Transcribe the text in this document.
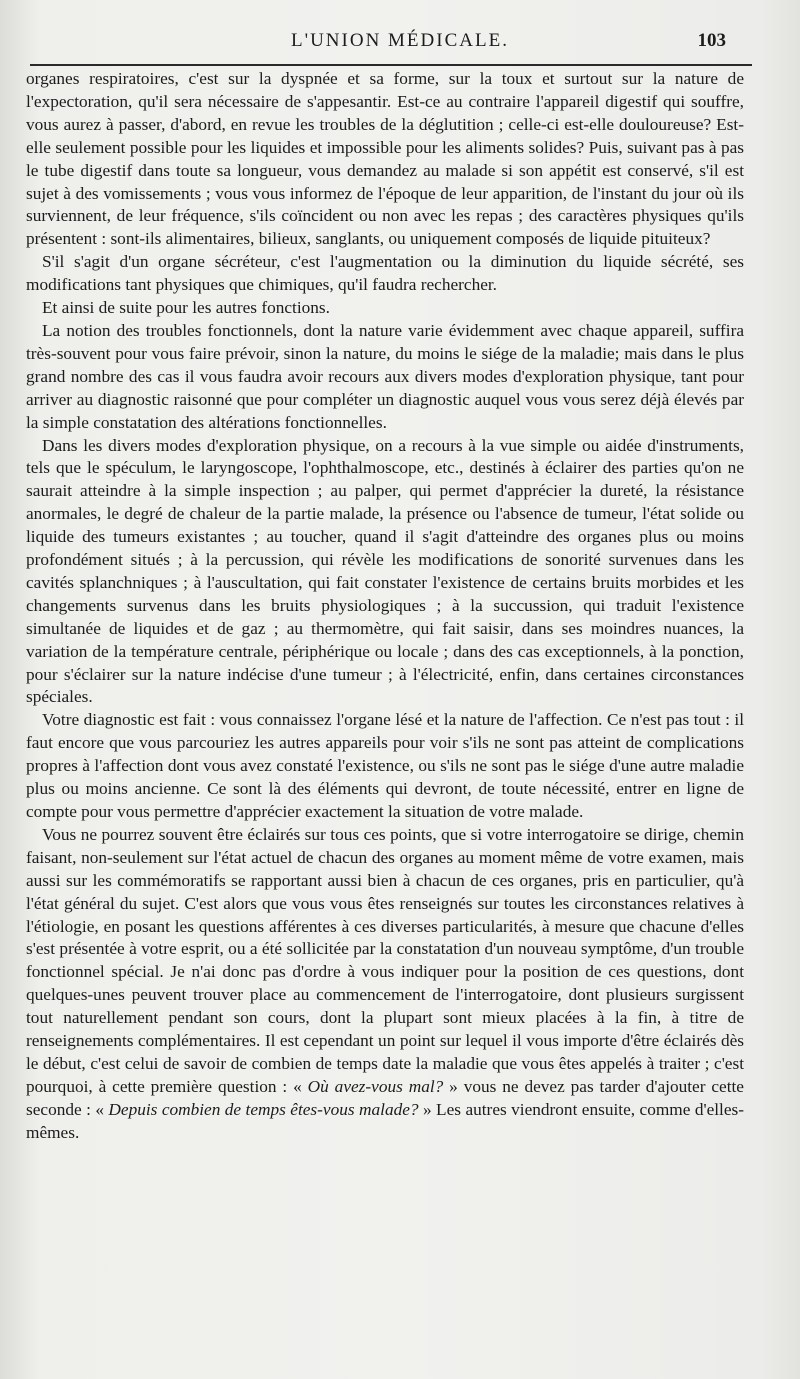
L'UNION MÉDICALE.	103

organes respiratoires, c'est sur la dyspnée et sa forme, sur la toux et surtout sur la nature de l'expectoration, qu'il sera nécessaire de s'appesantir. Est-ce au contraire l'appareil digestif qui souffre, vous aurez à passer, d'abord, en revue les troubles de la déglutition ; celle-ci est-elle douloureuse? Est-elle seulement possible pour les liquides et impossible pour les aliments solides? Puis, suivant pas à pas le tube digestif dans toute sa longueur, vous demandez au malade si son appétit est conservé, s'il est sujet à des vomissements ; vous vous informez de l'époque de leur apparition, de l'instant du jour où ils surviennent, de leur fréquence, s'ils coïncident ou non avec les repas ; des caractères physiques qu'ils présentent : sont-ils alimentaires, bilieux, sanglants, ou uniquement composés de liquide pituiteux?

S'il s'agit d'un organe sécréteur, c'est l'augmentation ou la diminution du liquide sécrété, ses modifications tant physiques que chimiques, qu'il faudra rechercher.

Et ainsi de suite pour les autres fonctions.

La notion des troubles fonctionnels, dont la nature varie évidemment avec chaque appareil, suffira très-souvent pour vous faire prévoir, sinon la nature, du moins le siége de la maladie; mais dans le plus grand nombre des cas il vous faudra avoir recours aux divers modes d'exploration physique, tant pour arriver au diagnostic raisonné que pour compléter un diagnostic auquel vous vous serez déjà élevés par la simple constatation des altérations fonctionnelles.

Dans les divers modes d'exploration physique, on a recours à la vue simple ou aidée d'instruments, tels que le spéculum, le laryngoscope, l'ophthalmoscope, etc., destinés à éclairer des parties qu'on ne saurait atteindre à la simple inspection ; au palper, qui permet d'apprécier la dureté, la résistance anormales, le degré de chaleur de la partie malade, la présence ou l'absence de tumeur, l'état solide ou liquide des tumeurs existantes ; au toucher, quand il s'agit d'atteindre des organes plus ou moins profondément situés ; à la percussion, qui révèle les modifications de sonorité survenues dans les cavités splanchniques ; à l'auscultation, qui fait constater l'existence de certains bruits morbides et les changements survenus dans les bruits physiologiques ; à la succussion, qui traduit l'existence simultanée de liquides et de gaz ; au thermomètre, qui fait saisir, dans ses moindres nuances, la variation de la température centrale, périphérique ou locale ; dans des cas exceptionnels, à la ponction, pour s'éclairer sur la nature indécise d'une tumeur ; à l'électricité, enfin, dans certaines circonstances spéciales.

Votre diagnostic est fait : vous connaissez l'organe lésé et la nature de l'affection. Ce n'est pas tout : il faut encore que vous parcouriez les autres appareils pour voir s'ils ne sont pas atteint de complications propres à l'affection dont vous avez constaté l'existence, ou s'ils ne sont pas le siége d'une autre maladie plus ou moins ancienne. Ce sont là des éléments qui devront, de toute nécessité, entrer en ligne de compte pour vous permettre d'apprécier exactement la situation de votre malade.

Vous ne pourrez souvent être éclairés sur tous ces points, que si votre interrogatoire se dirige, chemin faisant, non-seulement sur l'état actuel de chacun des organes au moment même de votre examen, mais aussi sur les commémoratifs se rapportant aussi bien à chacun de ces organes, pris en particulier, qu'à l'état général du sujet. C'est alors que vous vous êtes renseignés sur toutes les circonstances relatives à l'étiologie, en posant les questions afférentes à ces diverses particularités, à mesure que chacune d'elles s'est présentée à votre esprit, ou a été sollicitée par la constatation d'un nouveau symptôme, d'un trouble fonctionnel spécial. Je n'ai donc pas d'ordre à vous indiquer pour la position de ces questions, dont quelques-unes peuvent trouver place au commencement de l'interrogatoire, dont plusieurs surgissent tout naturellement pendant son cours, dont la plupart sont mieux placées à la fin, à titre de renseignements complémentaires. Il est cependant un point sur lequel il vous importe d'être éclairés dès le début, c'est celui de savoir de combien de temps date la maladie que vous êtes appelés à traiter ; c'est pourquoi, à cette première question : « Où avez-vous mal? » vous ne devez pas tarder d'ajouter cette seconde : « Depuis combien de temps êtes-vous malade? » Les autres viendront ensuite, comme d'elles-mêmes.
